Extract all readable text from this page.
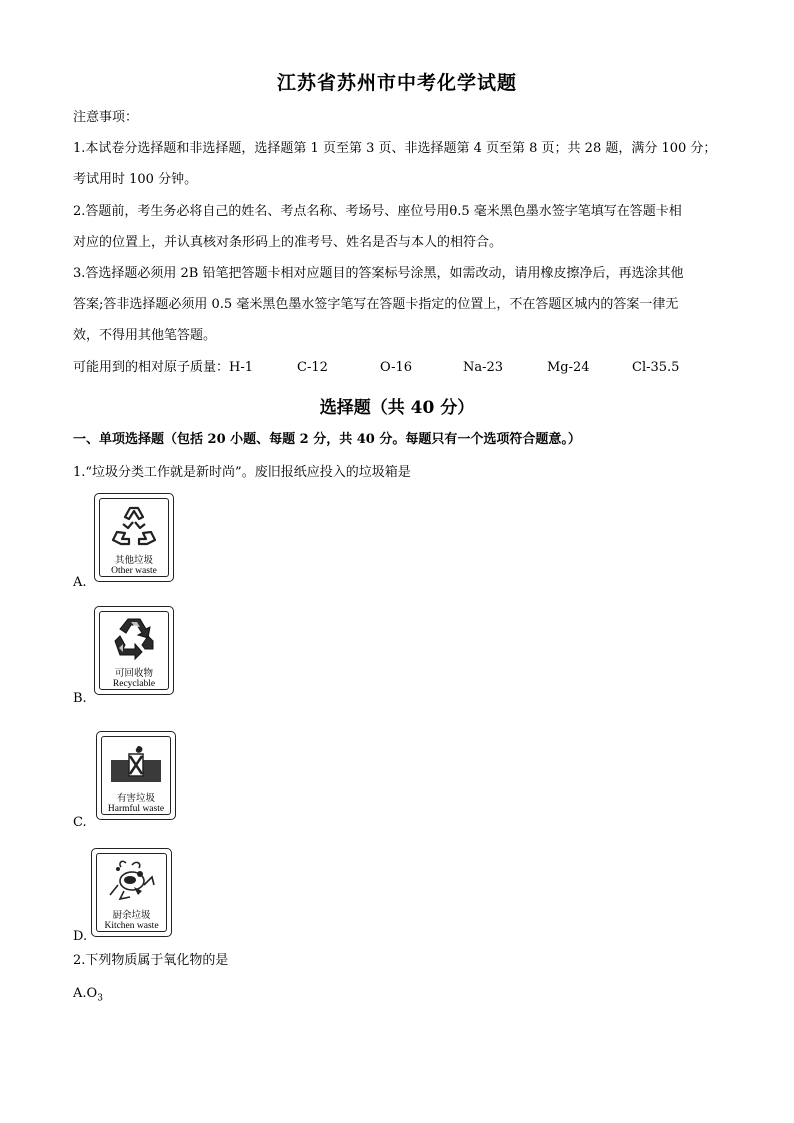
江苏省苏州市中考化学试题
注意事项：
1.本试卷分选择题和非选择题，选择题第 1 页至第 3 页、非选择题第 4 页至第 8 页；共 28 题，满分 100 分；
考试用时 100 分钟。
2.答题前，考生务必将自己的姓名、考点名称、考场号、座位号用θ.5 毫米黑色墨水签字笔填写在答题卡相
对应的位置上，并认真核对条形码上的准考号、姓名是否与本人的相符合。
3.答选择题必须用 2B 铅笔把答题卡相对应题目的答案标号涂黑，如需改动，请用橡皮擦净后，再选涂其他
答案;答非选择题必须用 0.5 毫米黑色墨水签字笔写在答题卡指定的位置上，不在答题区城内的答案一律无
效，不得用其他笔答题。
可能用到的相对原子质量：H-1	C-12	O-16	Na-23	Mg-24	Cl-35.5
选择题（共 40 分）
一、单项选择题（包括 20 小题、每题 2 分，共 40 分。每题只有一个选项符合题意。）
1.“垃圾分类工作就是新时尚”。废旧报纸应投入的垃圾箱是
其他垃圾
Other waste
A.
可回收物
Recyclable
B.
有害垃圾
Harmful waste
C.
厨余垃圾
Kitchen waste
D.
2.下列物质属于氧化物的是
$A.O_3$
